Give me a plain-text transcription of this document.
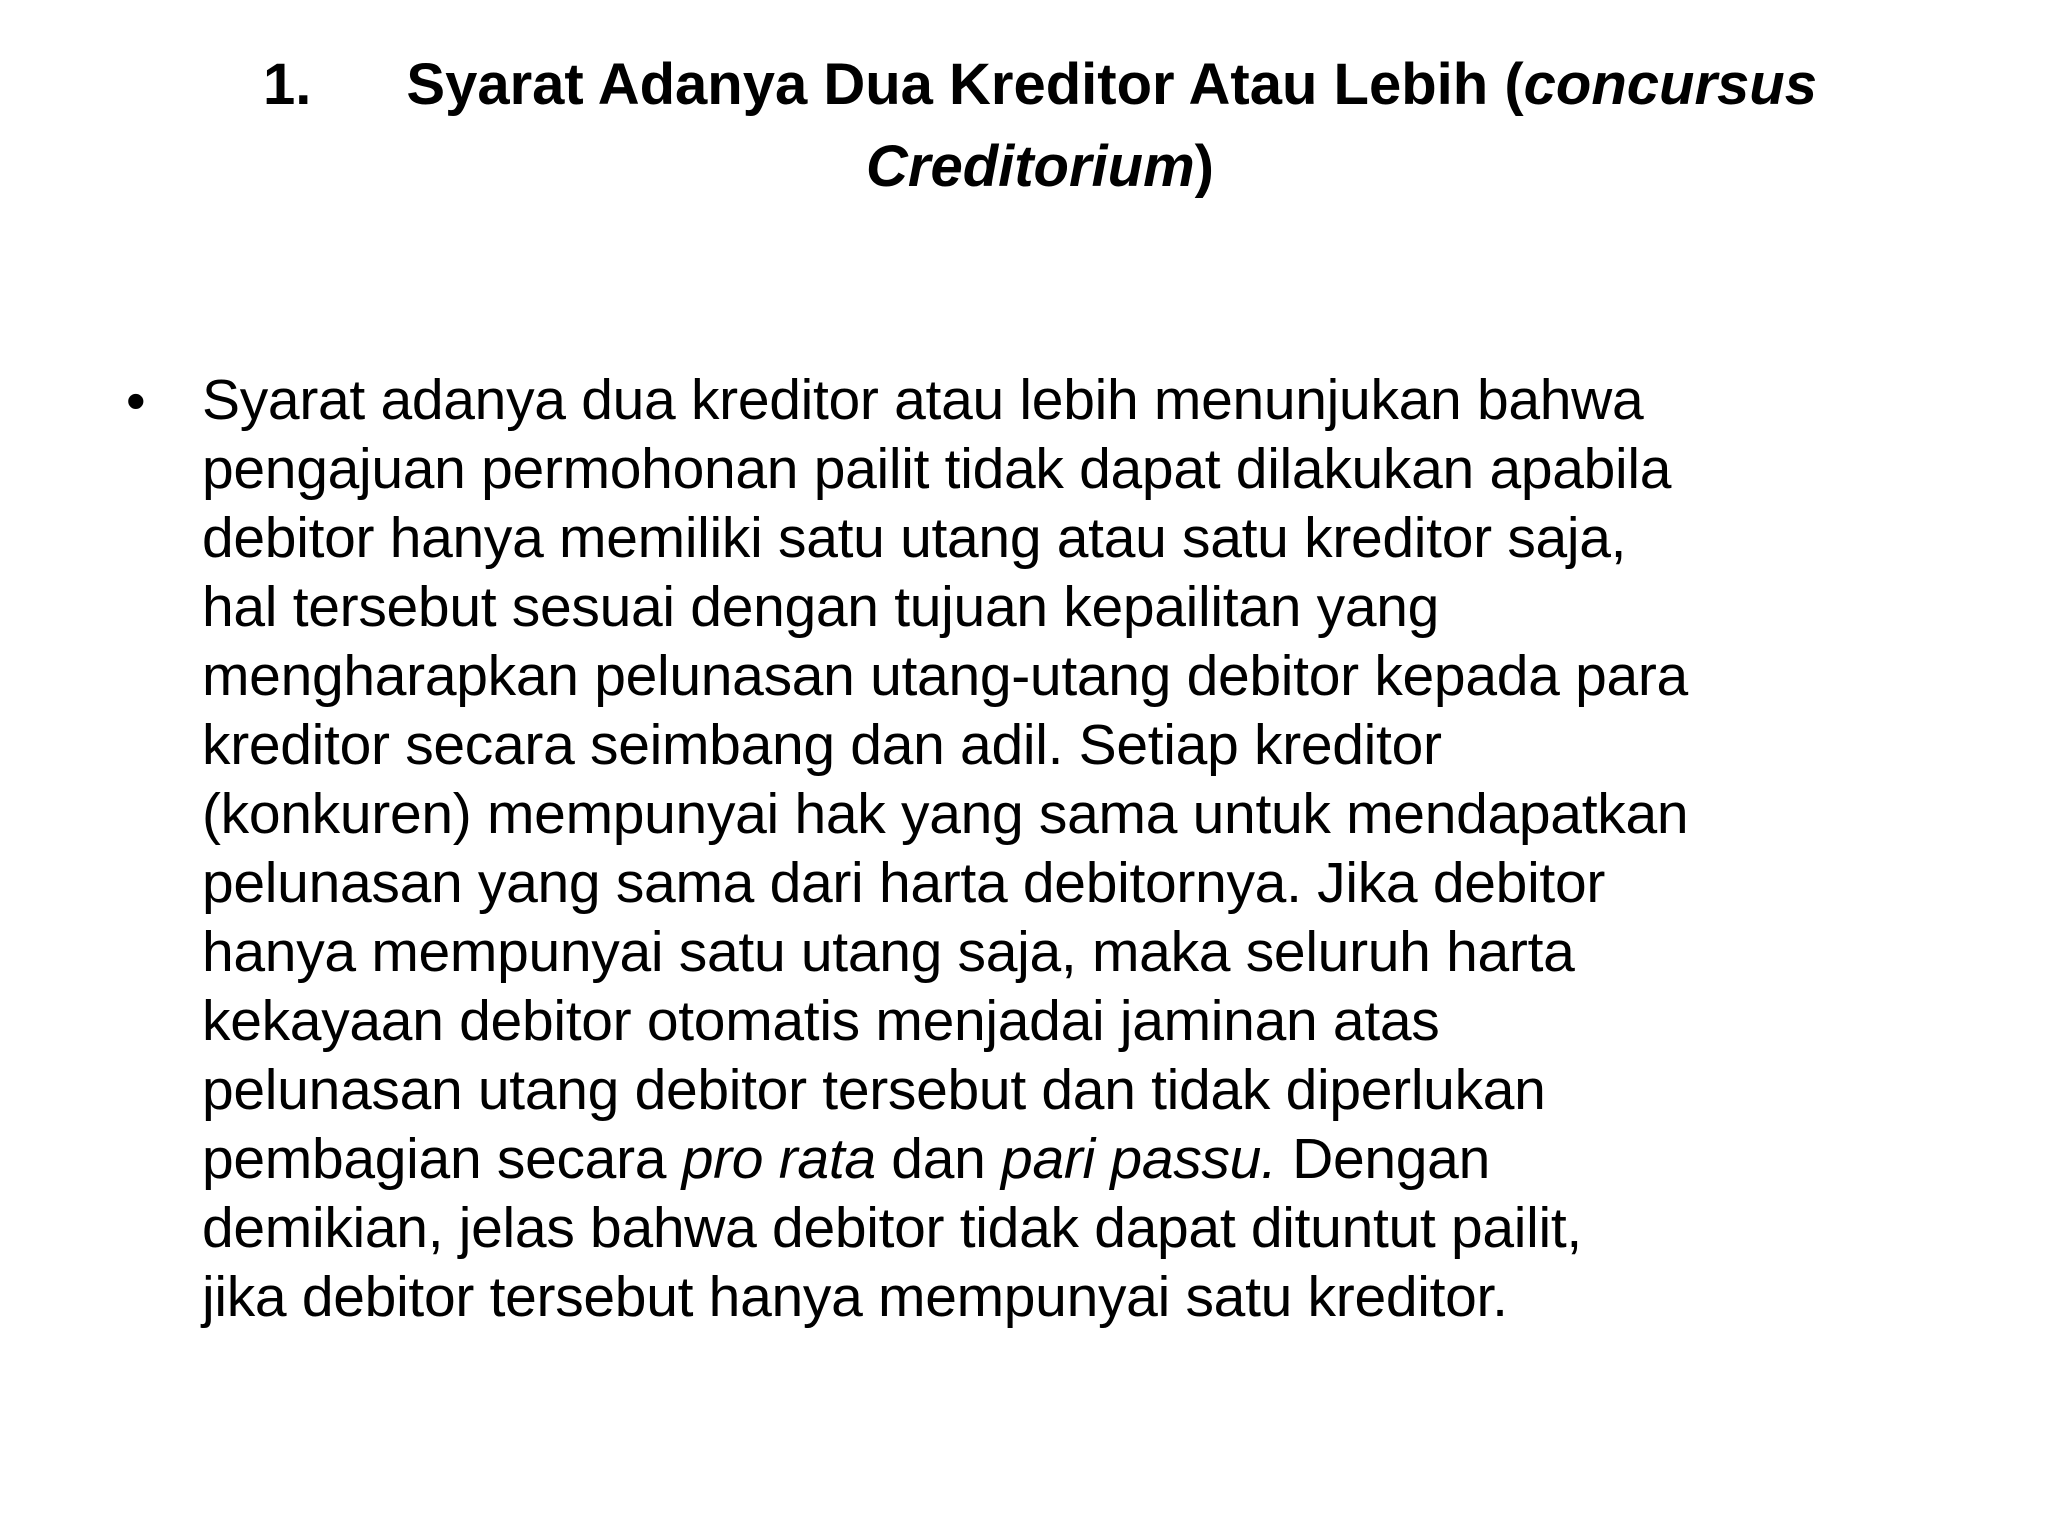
1. Syarat Adanya Dua Kreditor Atau Lebih (concursus
Creditorium)
• Syarat adanya dua kreditor atau lebih menunjukan bahwa
pengajuan permohonan pailit tidak dapat dilakukan apabila
debitor hanya memiliki satu utang atau satu kreditor saja,
hal tersebut sesuai dengan tujuan kepailitan yang
mengharapkan pelunasan utang-utang debitor kepada para
kreditor secara seimbang dan adil. Setiap kreditor
(konkuren) mempunyai hak yang sama untuk mendapatkan
pelunasan yang sama dari harta debitornya. Jika debitor
hanya mempunyai satu utang saja, maka seluruh harta
kekayaan debitor otomatis menjadai jaminan atas
pelunasan utang debitor tersebut dan tidak diperlukan
pembagian secara pro rata dan pari passu. Dengan
demikian, jelas bahwa debitor tidak dapat dituntut pailit,
jika debitor tersebut hanya mempunyai satu kreditor.
